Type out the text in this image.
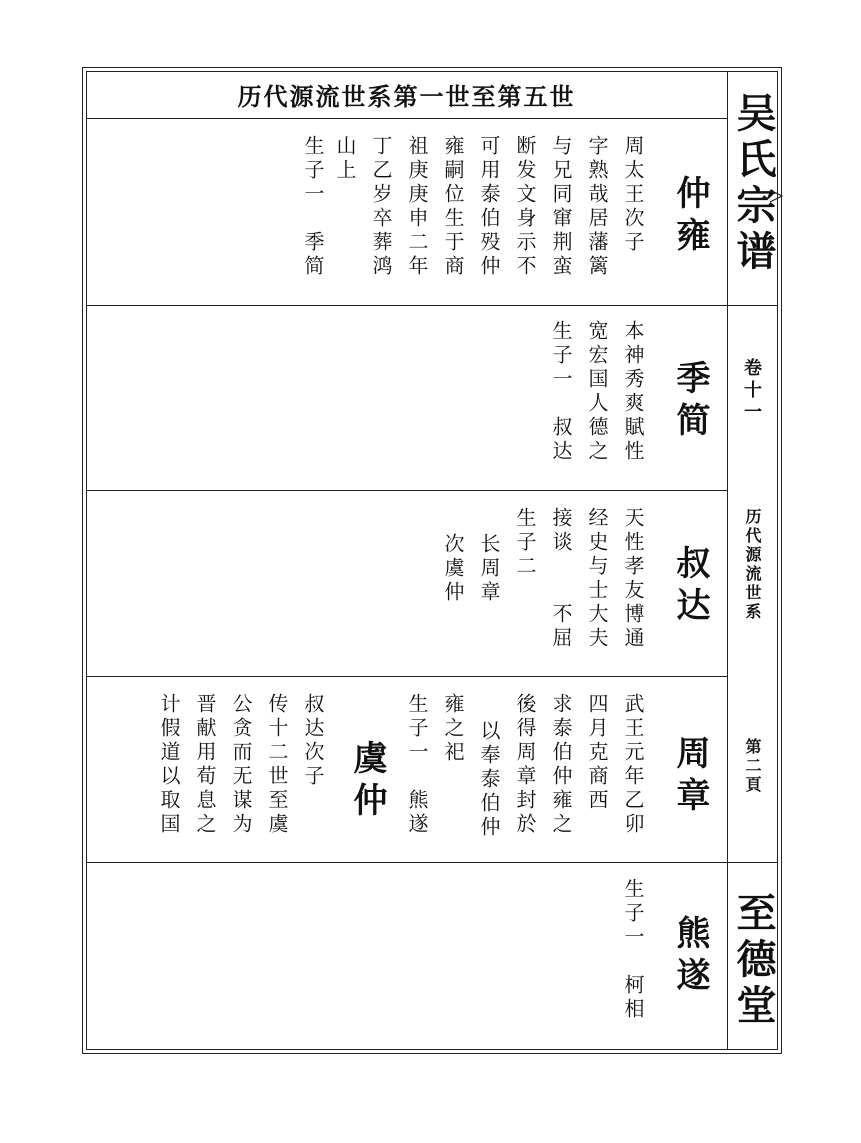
历代源流世系第一世至第五世	吴氏宗谱
卷十一
历代源流世系
第二頁
至德堂
仲雍
周太王次子
字熟哉居藩篱
与兄同窜荆蛮
断发文身示不
可用泰伯殁仲
雍嗣位生于商
祖庚庚申二年
丁乙岁卒葬鸿
山上
生子一　季简
季简
本神秀爽賦性
宽宏国人德之
生子一　叔达
叔达
天性孝友博通
经史与士大夫
接谈　　不屈
生子二
长周章
次虞仲
周章
武王元年乙卯
四月克商西
求泰伯仲雍之
後得周章封於
以奉泰伯仲
雍之祀
生子一　熊遂
虞仲
叔达次子
传十二世至虞
公贪而无谋为
晋献用荀息之
计假道以取国
熊遂
生子一　柯相
